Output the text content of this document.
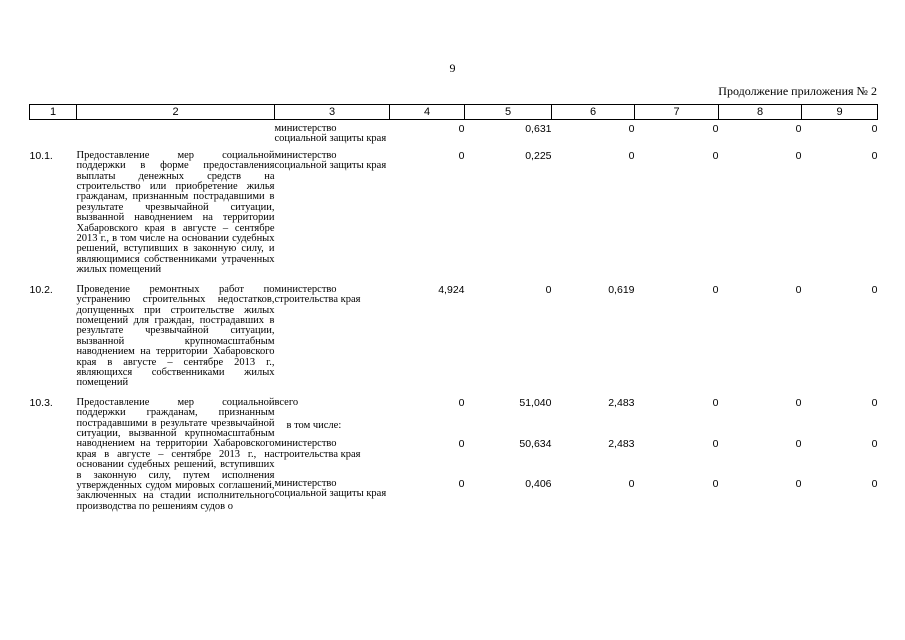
9
Продолжение приложения № 2
1	2	3	4	5	6	7	8	9
		министерство социальной защиты края	0	0,631	0	0	0	0
10.1.	Предоставление мер социальной поддержки в форме предоставления выплаты денежных средств на строительство или приобретение жилья гражданам, признанным пострадавшими в результате чрезвычайной ситуации, вызванной наводнением на территории Хабаровского края в августе – сентябре 2013 г., в том числе на основании судебных решений, вступивших в законную силу, и являющимися собственниками утраченных жилых помещений	министерство социальной защиты края	0	0,225	0	0	0	0
10.2.	Проведение ремонтных работ по устранению строительных недостатков, допущенных при строительстве жилых помещений для граждан, пострадавших в результате чрезвычайной ситуации, вызванной крупномасштабным наводнением на территории Хабаровского края в августе – сентябре 2013 г., являющихся собственниками жилых помещений	министерство строительства края	4,924	0	0,619	0	0	0
10.3.	Предоставление мер социальной поддержки гражданам, признанным пострадавшими в результате чрезвычайной ситуации, вызванной крупномасштабным наводнением на территории Хабаровского края в августе – сентябре 2013 г., на основании судебных решений, вступивших в законную силу, путем исполнения утвержденных судом мировых соглашений, заключенных на стадии исполнительного производства по решениям судов о	всего	0	51,040	2,483	0	0	0
		в том числе:						
		министерство строительства края	0	50,634	2,483	0	0	0
		министерство социальной защиты края	0	0,406	0	0	0	0
